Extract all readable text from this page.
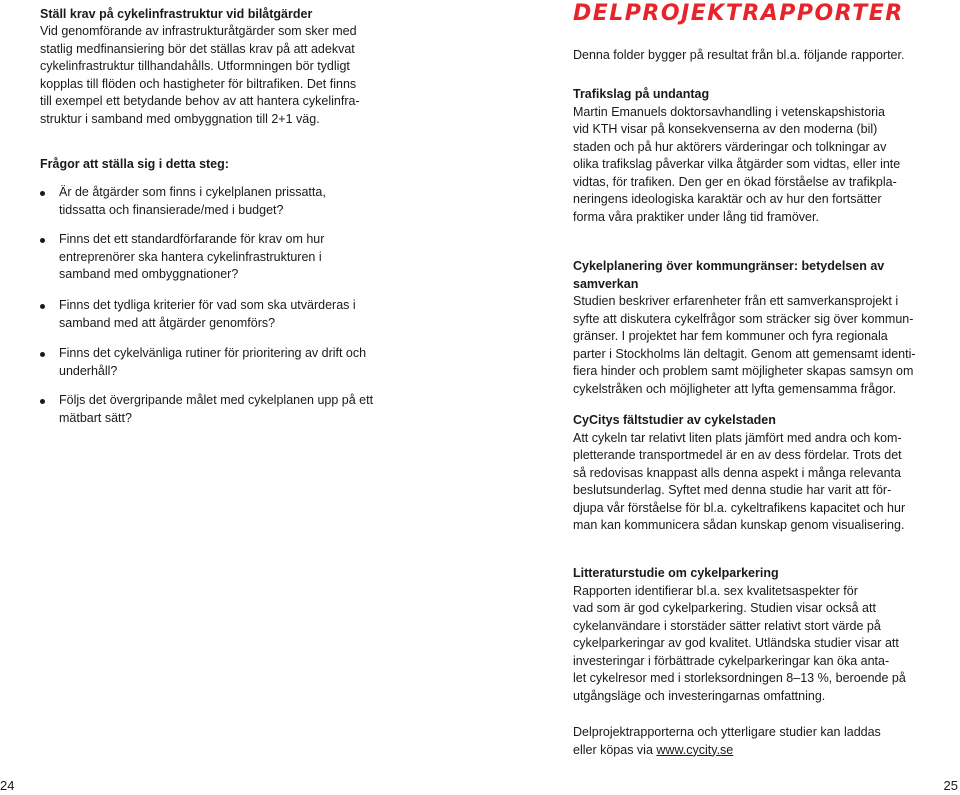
Ställ krav på cykelinfrastruktur vid bilåtgärder

Vid genomförande av infrastrukturåtgärder som sker med
statlig medfinansiering bör det ställas krav på att adekvat
cykelinfrastruktur tillhandahålls. Utformningen bör tydligt
kopplas till flöden och hastigheter för biltrafiken. Det finns
till exempel ett betydande behov av att hantera cykelinfra-
struktur i samband med ombyggnation till 2+1 väg.

Frågor att ställa sig i detta steg:

Är de åtgärder som finns i cykelplanen prissatta,
tidssatta och finansierade/med i budget?
Finns det ett standardförfarande för krav om hur
entreprenörer ska hantera cykelinfrastrukturen i
samband med ombyggnationer?
Finns det tydliga kriterier för vad som ska utvärderas i
samband med att åtgärder genomförs?
Finns det cykelvänliga rutiner för prioritering av drift och
underhåll?
Följs det övergripande målet med cykelplanen upp på ett
mätbart sätt?
DELPROJEKTRAPPORTER

Denna folder bygger på resultat från bl.a. följande rapporter.

Trafikslag på undantag

Martin Emanuels doktorsavhandling i vetenskapshistoria
vid KTH visar på konsekvenserna av den moderna (bil)
staden och på hur aktörers värderingar och tolkningar av
olika trafikslag påverkar vilka åtgärder som vidtas, eller inte
vidtas, för trafiken. Den ger en ökad förståelse av trafikpla-
neringens ideologiska karaktär och av hur den fortsätter
forma våra praktiker under lång tid framöver.

Cykelplanering över kommungränser: betydelsen av samverkan

Studien beskriver erfarenheter från ett samverkansprojekt i
syfte att diskutera cykelfrågor som sträcker sig över kommun-
gränser. I projektet har fem kommuner och fyra regionala
parter i Stockholms län deltagit. Genom att gemensamt identi-
fiera hinder och problem samt möjligheter skapas samsyn om
cykelstråken och möjligheter att lyfta gemensamma frågor.

CyCitys fältstudier av cykelstaden

Att cykeln tar relativt liten plats jämfört med andra och kom-
pletterande transportmedel är en av dess fördelar. Trots det
så redovisas knappast alls denna aspekt i många relevanta
beslutsunderlag. Syftet med denna studie har varit att för-
djupa vår förståelse för bl.a. cykeltrafikens kapacitet och hur
man kan kommunicera sådan kunskap genom visualisering.

Litteraturstudie om cykelparkering

Rapporten identifierar bl.a. sex kvalitetsaspekter för
vad som är god cykelparkering. Studien visar också att
cykelanvändare i storstäder sätter relativt stort värde på
cykelparkeringar av god kvalitet. Utländska studier visar att
investeringar i förbättrade cykelparkeringar kan öka anta-
let cykelresor med i storleksordningen 8–13 %, beroende på
utgångsläge och investeringarnas omfattning.

Delprojektrapporterna och ytterligare studier kan laddas
eller köpas via www.cycity.se

24	25
